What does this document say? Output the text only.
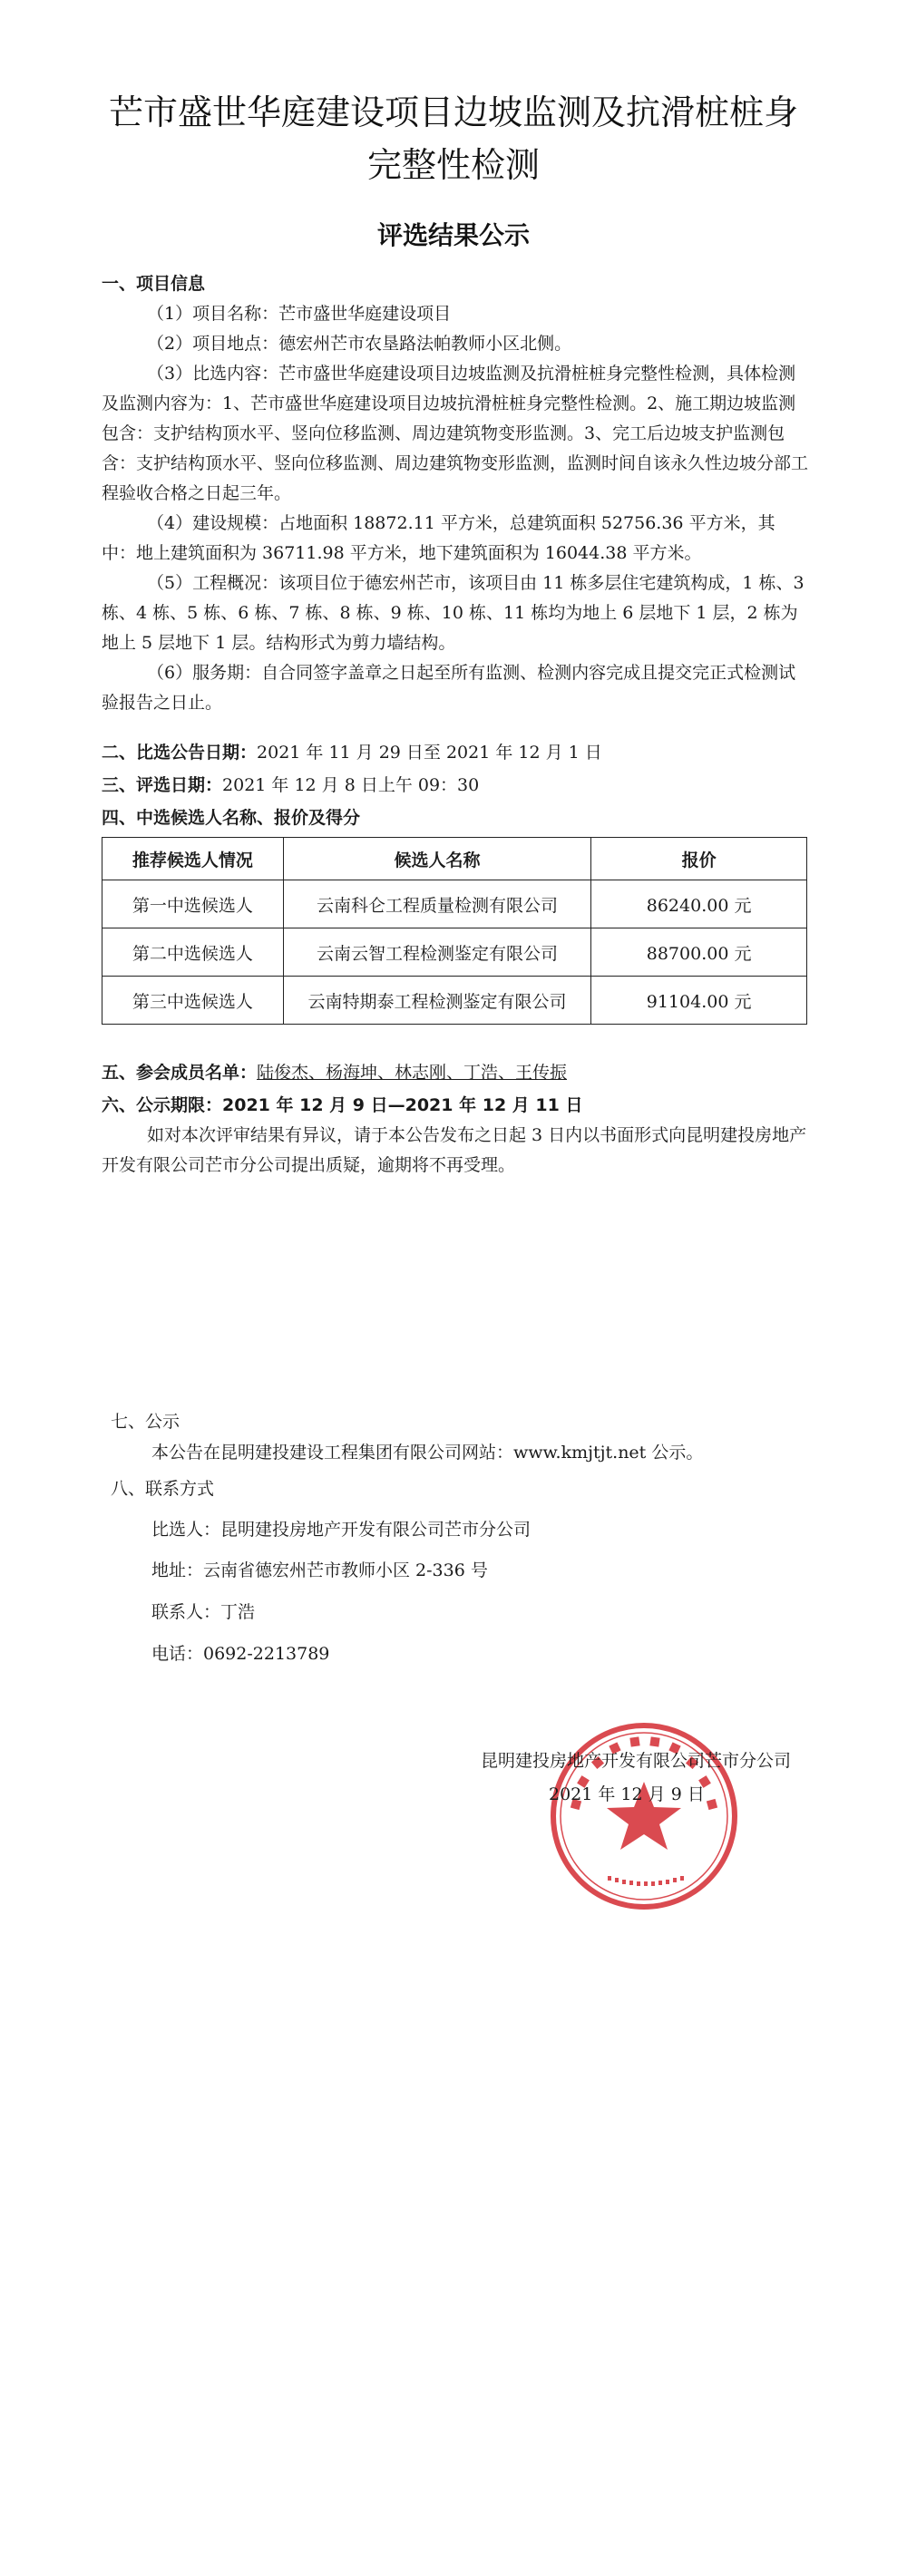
芒市盛世华庭建设项目边坡监测及抗滑桩桩身
完整性检测
评选结果公示
一、项目信息
（1）项目名称：芒市盛世华庭建设项目
（2）项目地点：德宏州芒市农垦路法帕教师小区北侧。
（3）比选内容：芒市盛世华庭建设项目边坡监测及抗滑桩桩身完整性检测，具体检测及监测内容为：1、芒市盛世华庭建设项目边坡抗滑桩桩身完整性检测。2、施工期边坡监测包含：支护结构顶水平、竖向位移监测、周边建筑物变形监测。3、完工后边坡支护监测包含：支护结构顶水平、竖向位移监测、周边建筑物变形监测，监测时间自该永久性边坡分部工程验收合格之日起三年。
（4）建设规模：占地面积 18872.11 平方米，总建筑面积 52756.36 平方米，其中：地上建筑面积为 36711.98 平方米，地下建筑面积为 16044.38 平方米。
（5）工程概况：该项目位于德宏州芒市，该项目由 11 栋多层住宅建筑构成，1 栋、3 栋、4 栋、5 栋、6 栋、7 栋、8 栋、9 栋、10 栋、11 栋均为地上 6 层地下 1 层，2 栋为地上 5 层地下 1 层。结构形式为剪力墙结构。
（6）服务期：自合同签字盖章之日起至所有监测、检测内容完成且提交完正式检测试验报告之日止。
二、比选公告日期：2021 年 11 月 29 日至 2021 年 12 月 1 日
三、评选日期：2021 年 12 月 8 日上午 09：30
四、中选候选人名称、报价及得分
推荐候选人情况	候选人名称	报价
第一中选候选人	云南科仑工程质量检测有限公司	86240.00 元
第二中选候选人	云南云智工程检测鉴定有限公司	88700.00 元
第三中选候选人	云南特期泰工程检测鉴定有限公司	91104.00 元
五、参会成员名单：陆俊杰、杨海坤、林志刚、丁浩、王传振
六、公示期限：2021 年 12 月 9 日—2021 年 12 月 11 日
如对本次评审结果有异议，请于本公告发布之日起 3 日内以书面形式向昆明建投房地产开发有限公司芒市分公司提出质疑，逾期将不再受理。
七、公示
本公告在昆明建投建设工程集团有限公司网站：www.kmjtjt.net 公示。
八、联系方式
比选人：昆明建投房地产开发有限公司芒市分公司
地址：云南省德宏州芒市教师小区 2-336 号
联系人：丁浩
电话：0692-2213789
昆明建投房地产开发有限公司芒市分公司
2021 年 12 月 9 日
